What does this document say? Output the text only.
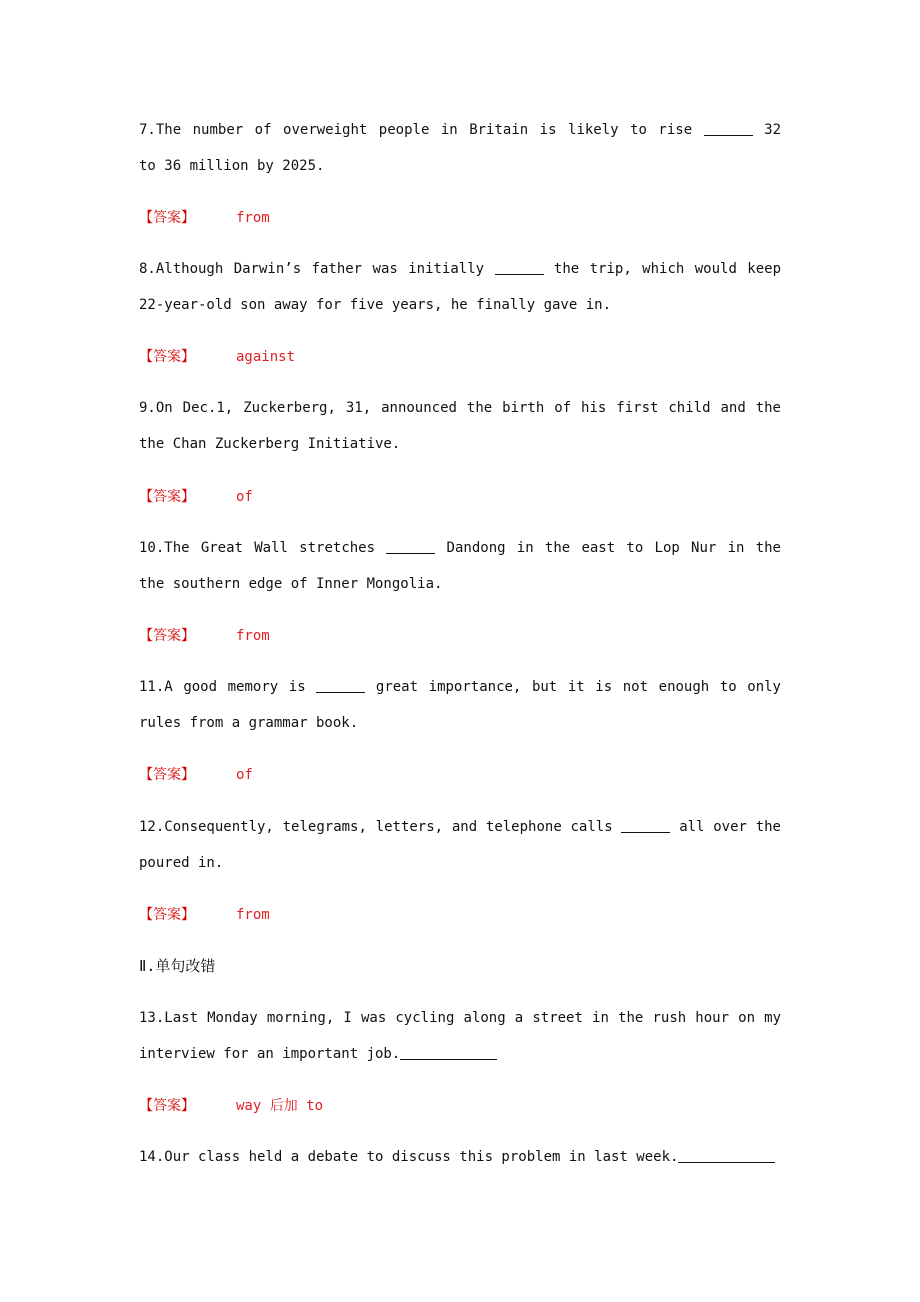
7.The number of overweight people in Britain is likely to rise	32
to 36 million by 2025.
【答案】	from
8.Although Darwin’s father was initially	the trip, which would keep
22-year-old son away for five years, he finally gave in.
【答案】	against
9.On Dec.1, Zuckerberg, 31, announced the birth of his first child and the
the Chan Zuckerberg Initiative.
【答案】	of
10.The Great Wall stretches	Dandong in the east to Lop Nur in the
the southern edge of Inner Mongolia.
【答案】	from
11.A good memory is	great importance, but it is not enough to only
rules from a grammar book.
【答案】	of
12.Consequently, telegrams, letters, and telephone calls	all over the
poured in.
【答案】	from
Ⅱ.单句改错
13.Last Monday morning, I was cycling along a street in the rush hour on my
interview for an important job.
【答案】	way 后加 to
14.Our class held a debate to discuss this problem in last week.
